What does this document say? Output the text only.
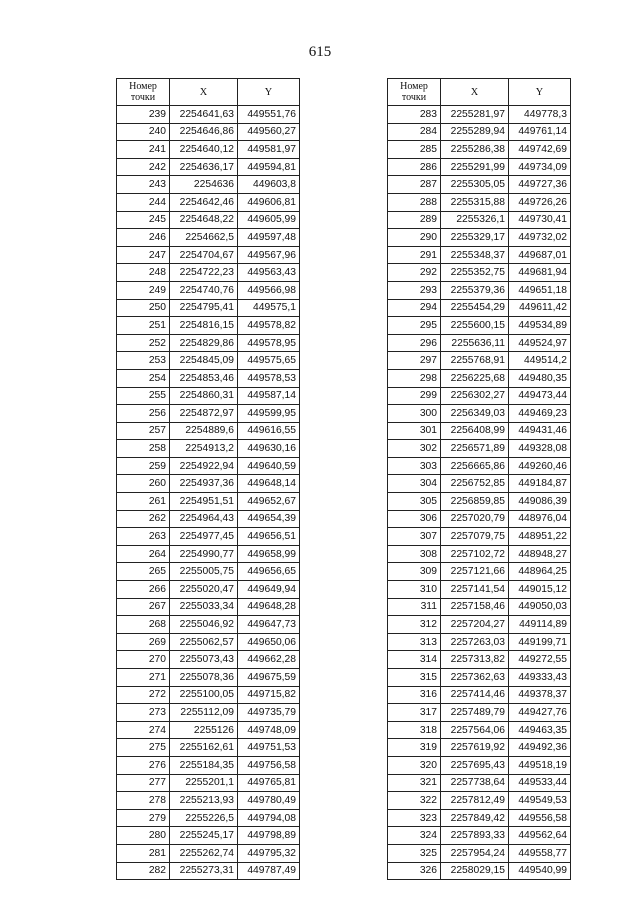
615
Номер
точки	X	Y
239	2254641,63	449551,76
240	2254646,86	449560,27
241	2254640,12	449581,97
242	2254636,17	449594,81
243	2254636	449603,8
244	2254642,46	449606,81
245	2254648,22	449605,99
246	2254662,5	449597,48
247	2254704,67	449567,96
248	2254722,23	449563,43
249	2254740,76	449566,98
250	2254795,41	449575,1
251	2254816,15	449578,82
252	2254829,86	449578,95
253	2254845,09	449575,65
254	2254853,46	449578,53
255	2254860,31	449587,14
256	2254872,97	449599,95
257	2254889,6	449616,55
258	2254913,2	449630,16
259	2254922,94	449640,59
260	2254937,36	449648,14
261	2254951,51	449652,67
262	2254964,43	449654,39
263	2254977,45	449656,51
264	2254990,77	449658,99
265	2255005,75	449656,65
266	2255020,47	449649,94
267	2255033,34	449648,28
268	2255046,92	449647,73
269	2255062,57	449650,06
270	2255073,43	449662,28
271	2255078,36	449675,59
272	2255100,05	449715,82
273	2255112,09	449735,79
274	2255126	449748,09
275	2255162,61	449751,53
276	2255184,35	449756,58
277	2255201,1	449765,81
278	2255213,93	449780,49
279	2255226,5	449794,08
280	2255245,17	449798,89
281	2255262,74	449795,32
282	2255273,31	449787,49
Номер
точки	X	Y
283	2255281,97	449778,3
284	2255289,94	449761,14
285	2255286,38	449742,69
286	2255291,99	449734,09
287	2255305,05	449727,36
288	2255315,88	449726,26
289	2255326,1	449730,41
290	2255329,17	449732,02
291	2255348,37	449687,01
292	2255352,75	449681,94
293	2255379,36	449651,18
294	2255454,29	449611,42
295	2255600,15	449534,89
296	2255636,11	449524,97
297	2255768,91	449514,2
298	2256225,68	449480,35
299	2256302,27	449473,44
300	2256349,03	449469,23
301	2256408,99	449431,46
302	2256571,89	449328,08
303	2256665,86	449260,46
304	2256752,85	449184,87
305	2256859,85	449086,39
306	2257020,79	448976,04
307	2257079,75	448951,22
308	2257102,72	448948,27
309	2257121,66	448964,25
310	2257141,54	449015,12
311	2257158,46	449050,03
312	2257204,27	449114,89
313	2257263,03	449199,71
314	2257313,82	449272,55
315	2257362,63	449333,43
316	2257414,46	449378,37
317	2257489,79	449427,76
318	2257564,06	449463,35
319	2257619,92	449492,36
320	2257695,43	449518,19
321	2257738,64	449533,44
322	2257812,49	449549,53
323	2257849,42	449556,58
324	2257893,33	449562,64
325	2257954,24	449558,77
326	2258029,15	449540,99
